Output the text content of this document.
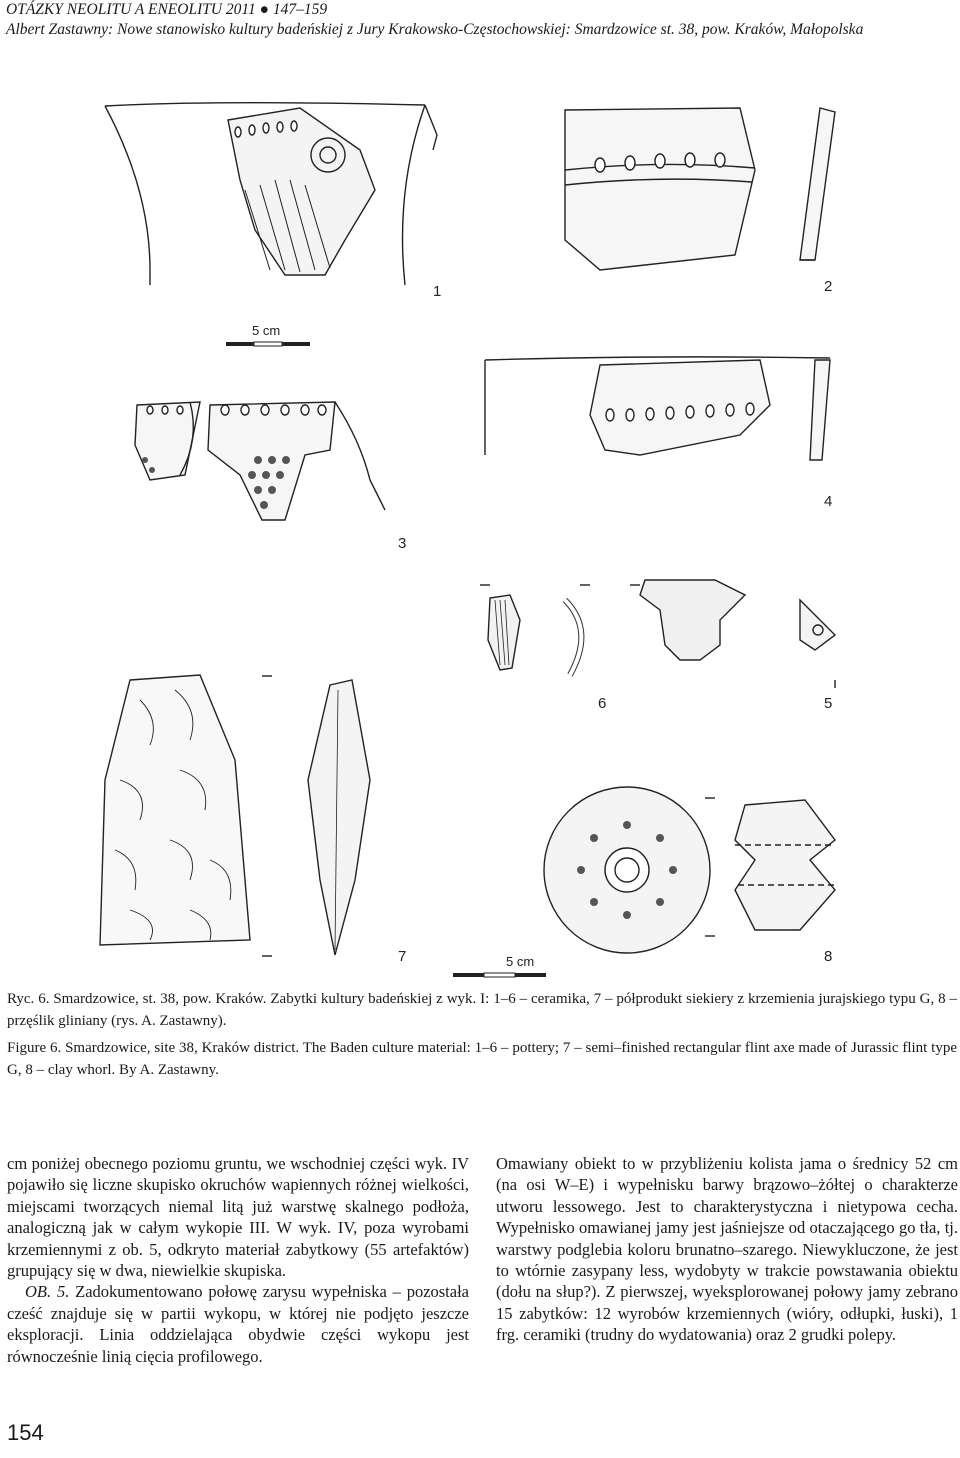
OTÁZKY NEOLITU A ENEOLITU 2011 ● 147–159
Albert Zastawny: Nowe stanowisko kultury badeńskiej z Jury Krakowsko-Częstochowskiej: Smardzowice st. 38, pow. Kraków, Małopolska
1	2
5 cm
3
4
6	5
7	5 cm	8
Ryc. 6. Smardzowice, st. 38, pow. Kraków. Zabytki kultury badeńskiej z wyk. I: 1–6 – ceramika, 7 – półprodukt siekiery z krzemienia jurajskiego typu G, 8 – przęślik gliniany (rys. A. Zastawny).
Figure 6. Smardzowice, site 38, Kraków district. The Baden culture material: 1–6 – pottery; 7 – semi–finished rectangular flint axe made of Jurassic flint type G, 8 – clay whorl. By A. Zastawny.

cm poniżej obecnego poziomu gruntu, we wschodniej części wyk. IV pojawiło się liczne skupisko okruchów wapiennych różnej wielkości, miejscami tworzących niemal litą już warstwę skalnego podłoża, analogiczną jak w całym wykopie III. W wyk. IV, poza wyrobami krzemiennymi z ob. 5, odkryto materiał zabytkowy (55 artefaktów) grupujący się w dwa, niewielkie skupiska.

OB. 5. Zadokumentowano połowę zarysu wypełniska – pozostała cześć znajduje się w partii wykopu, w której nie podjęto jeszcze eksploracji. Linia oddzielająca obydwie części wykopu jest równocześnie linią cięcia profilowego.

Omawiany obiekt to w przybliżeniu kolista jama o średnicy 52 cm (na osi W–E) i wypełnisku barwy brązowo–żółtej o charakterze utworu lessowego. Jest to charakterystyczna i nietypowa cecha. Wypełnisko omawianej jamy jest jaśniejsze od otaczającego go tła, tj. warstwy podglebia koloru brunatno–szarego. Niewykluczone, że jest to wtórnie zasypany less, wydobyty w trakcie powstawania obiektu (dołu na słup?). Z pierwszej, wyeksplorowanej połowy jamy zebrano 15 zabytków: 12 wyrobów krzemiennych (wióry, odłupki, łuski), 1 frg. ceramiki (trudny do wydatowania) oraz 2 grudki polepy.

154
